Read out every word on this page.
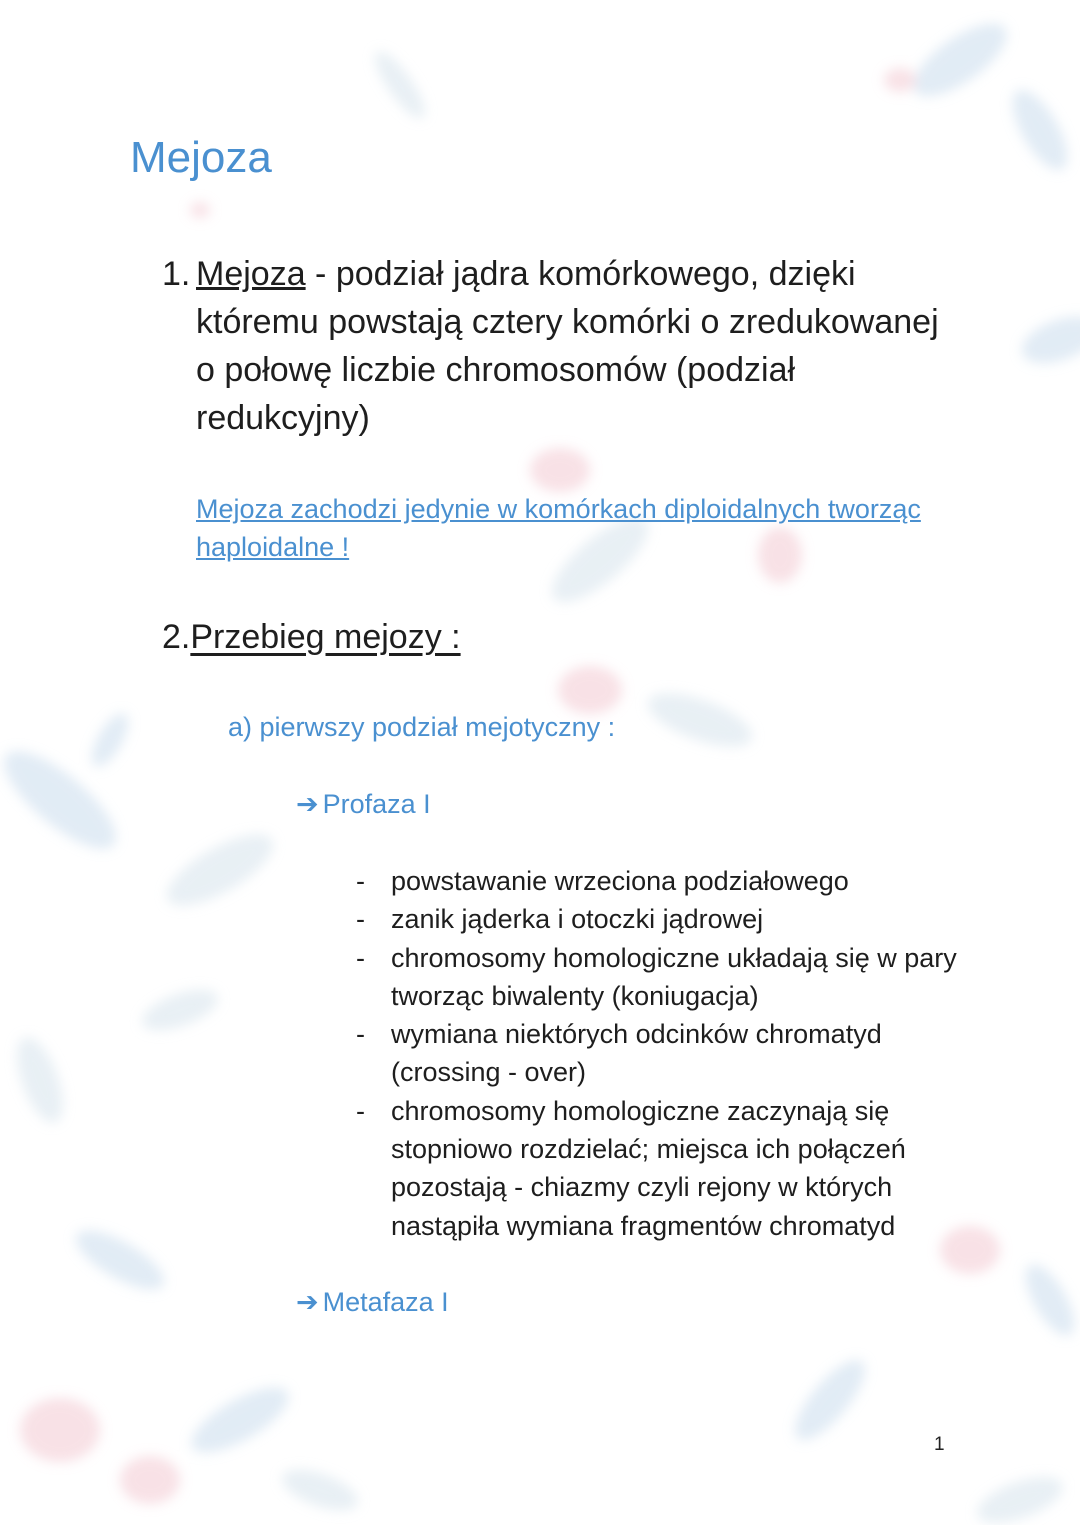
Mejoza
1. Mejoza - podział jądra komórkowego, dzięki któremu powstają cztery komórki o zredukowanej o połowę liczbie chromosomów (podział redukcyjny)

Mejoza zachodzi jedynie w komórkach diploidalnych tworząc haploidalne !

2.Przebieg mejozy :
a) pierwszy podział mejotyczny :
➔ Profaza I
- powstawanie wrzeciona podziałowego
- zanik jąderka i otoczki jądrowej
- chromosomy homologiczne układają się w pary tworząc biwalenty (koniugacja)
- wymiana niektórych odcinków chromatyd (crossing - over)
- chromosomy homologiczne zaczynają się stopniowo rozdzielać; miejsca ich połączeń pozostają - chiazmy czyli rejony w których nastąpiła wymiana fragmentów chromatyd
➔ Metafaza I
1
